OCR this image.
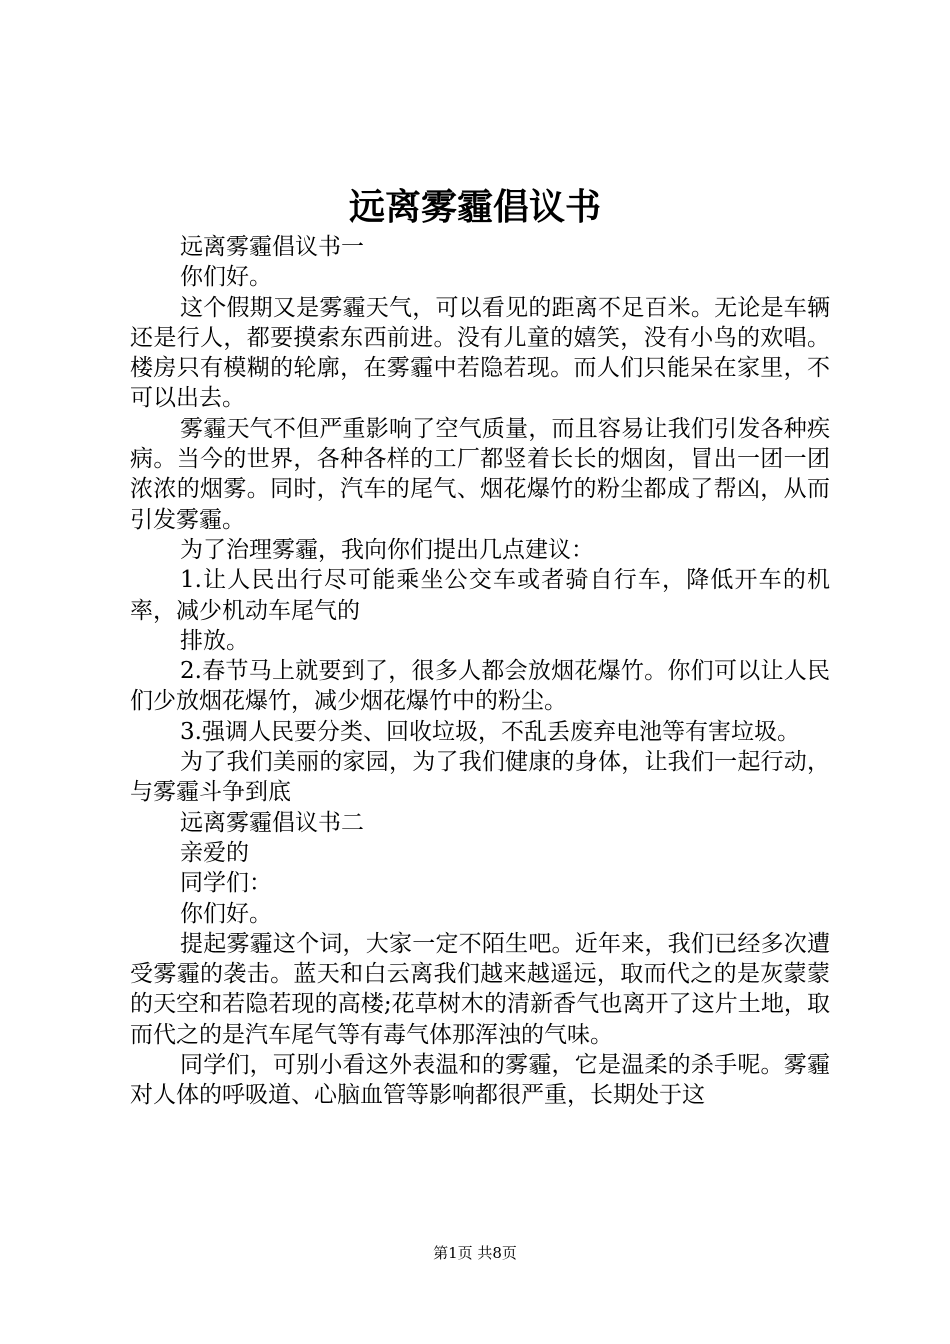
远离雾霾倡议书

远离雾霾倡议书一

你们好。

这个假期又是雾霾天气，可以看见的距离不足百米。无论是车辆还是行人，都要摸索东西前进。没有儿童的嬉笑，没有小鸟的欢唱。楼房只有模糊的轮廓，在雾霾中若隐若现。而人们只能呆在家里，不可以出去。

雾霾天气不但严重影响了空气质量，而且容易让我们引发各种疾病。当今的世界，各种各样的工厂都竖着长长的烟囱，冒出一团一团浓浓的烟雾。同时，汽车的尾气、烟花爆竹的粉尘都成了帮凶，从而引发雾霾。

为了治理雾霾，我向你们提出几点建议：

1.让人民出行尽可能乘坐公交车或者骑自行车，降低开车的机率，减少机动车尾气的

排放。

2.春节马上就要到了，很多人都会放烟花爆竹。你们可以让人民们少放烟花爆竹，减少烟花爆竹中的粉尘。

3.强调人民要分类、回收垃圾，不乱丢废弃电池等有害垃圾。

为了我们美丽的家园，为了我们健康的身体，让我们一起行动，与雾霾斗争到底

远离雾霾倡议书二

亲爱的

同学们：

你们好。

提起雾霾这个词，大家一定不陌生吧。近年来，我们已经多次遭受雾霾的袭击。蓝天和白云离我们越来越遥远，取而代之的是灰蒙蒙的天空和若隐若现的高楼;花草树木的清新香气也离开了这片土地，取而代之的是汽车尾气等有毒气体那浑浊的气味。

同学们，可别小看这外表温和的雾霾，它是温柔的杀手呢。雾霾对人体的呼吸道、心脑血管等影响都很严重，长期处于这

第1页 共8页
